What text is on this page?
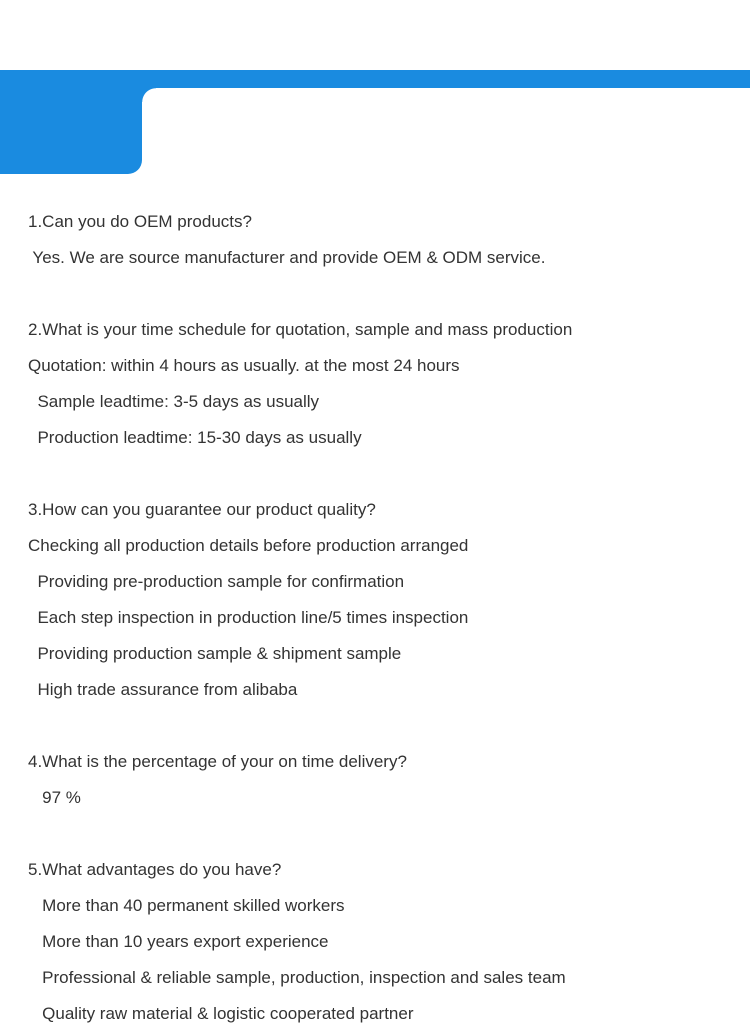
FAQ
1.Can you do OEM products?
Yes. We are source manufacturer and provide OEM & ODM service.
2.What is your time schedule for quotation, sample and mass production
Quotation: within 4 hours as usually. at the most 24 hours
Sample leadtime: 3-5 days as usually
Production leadtime: 15-30 days as usually
3.How can you guarantee our product quality?
Checking all production details before production arranged
Providing pre-production sample for confirmation
Each step inspection in production line/5 times inspection
Providing production sample & shipment sample
High trade assurance from alibaba
4.What is the percentage of your on time delivery?
97 %
5.What advantages do you have?
More than 40 permanent skilled workers
More than 10 years export experience
Professional & reliable sample, production, inspection and sales team
Quality raw material & logistic cooperated partner
